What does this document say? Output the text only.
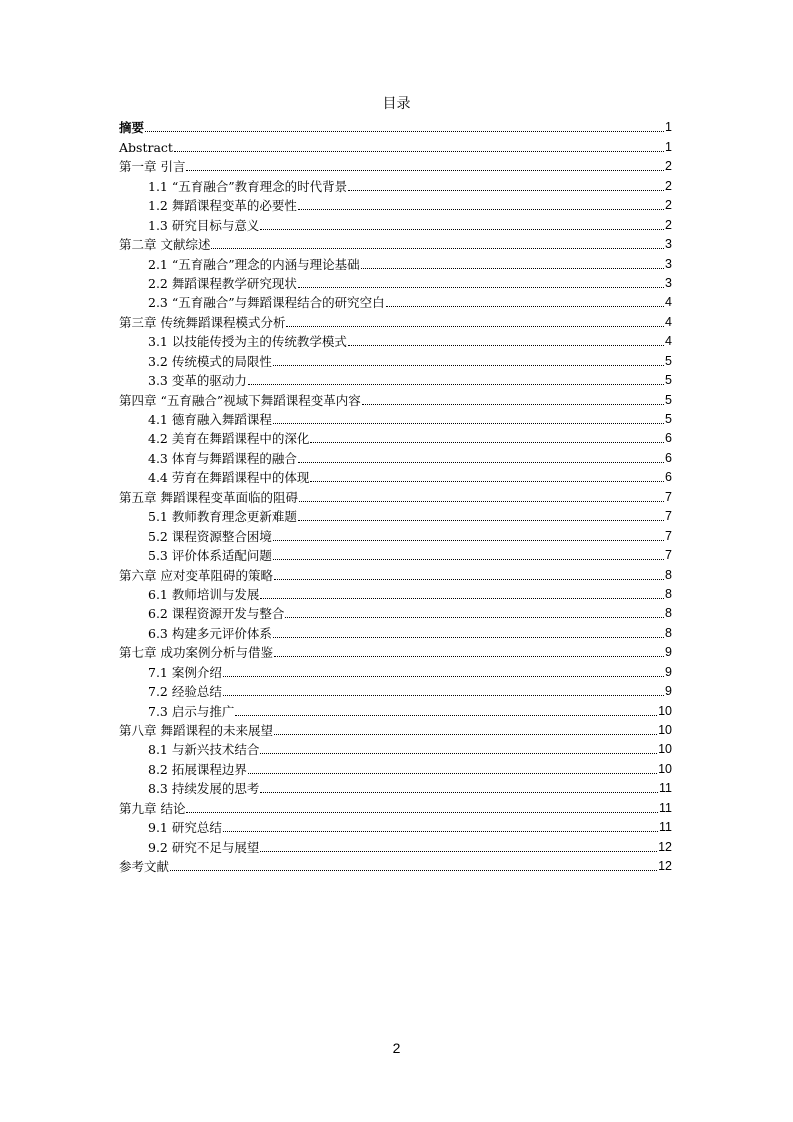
目录
摘要	1
Abstract	1
第一章 引言	2
1.1 “五育融合”教育理念的时代背景	2
1.2 舞蹈课程变革的必要性	2
1.3 研究目标与意义	2
第二章 文献综述	3
2.1 “五育融合”理念的内涵与理论基础	3
2.2 舞蹈课程教学研究现状	3
2.3 “五育融合”与舞蹈课程结合的研究空白	4
第三章 传统舞蹈课程模式分析	4
3.1 以技能传授为主的传统教学模式	4
3.2 传统模式的局限性	5
3.3 变革的驱动力	5
第四章 “五育融合”视域下舞蹈课程变革内容	5
4.1 德育融入舞蹈课程	5
4.2 美育在舞蹈课程中的深化	6
4.3 体育与舞蹈课程的融合	6
4.4 劳育在舞蹈课程中的体现	6
第五章 舞蹈课程变革面临的阻碍	7
5.1 教师教育理念更新难题	7
5.2 课程资源整合困境	7
5.3 评价体系适配问题	7
第六章 应对变革阻碍的策略	8
6.1 教师培训与发展	8
6.2 课程资源开发与整合	8
6.3 构建多元评价体系	8
第七章 成功案例分析与借鉴	9
7.1 案例介绍	9
7.2 经验总结	9
7.3 启示与推广	10
第八章 舞蹈课程的未来展望	10
8.1 与新兴技术结合	10
8.2 拓展课程边界	10
8.3 持续发展的思考	11
第九章 结论	11
9.1 研究总结	11
9.2 研究不足与展望	12
参考文献	12
2
